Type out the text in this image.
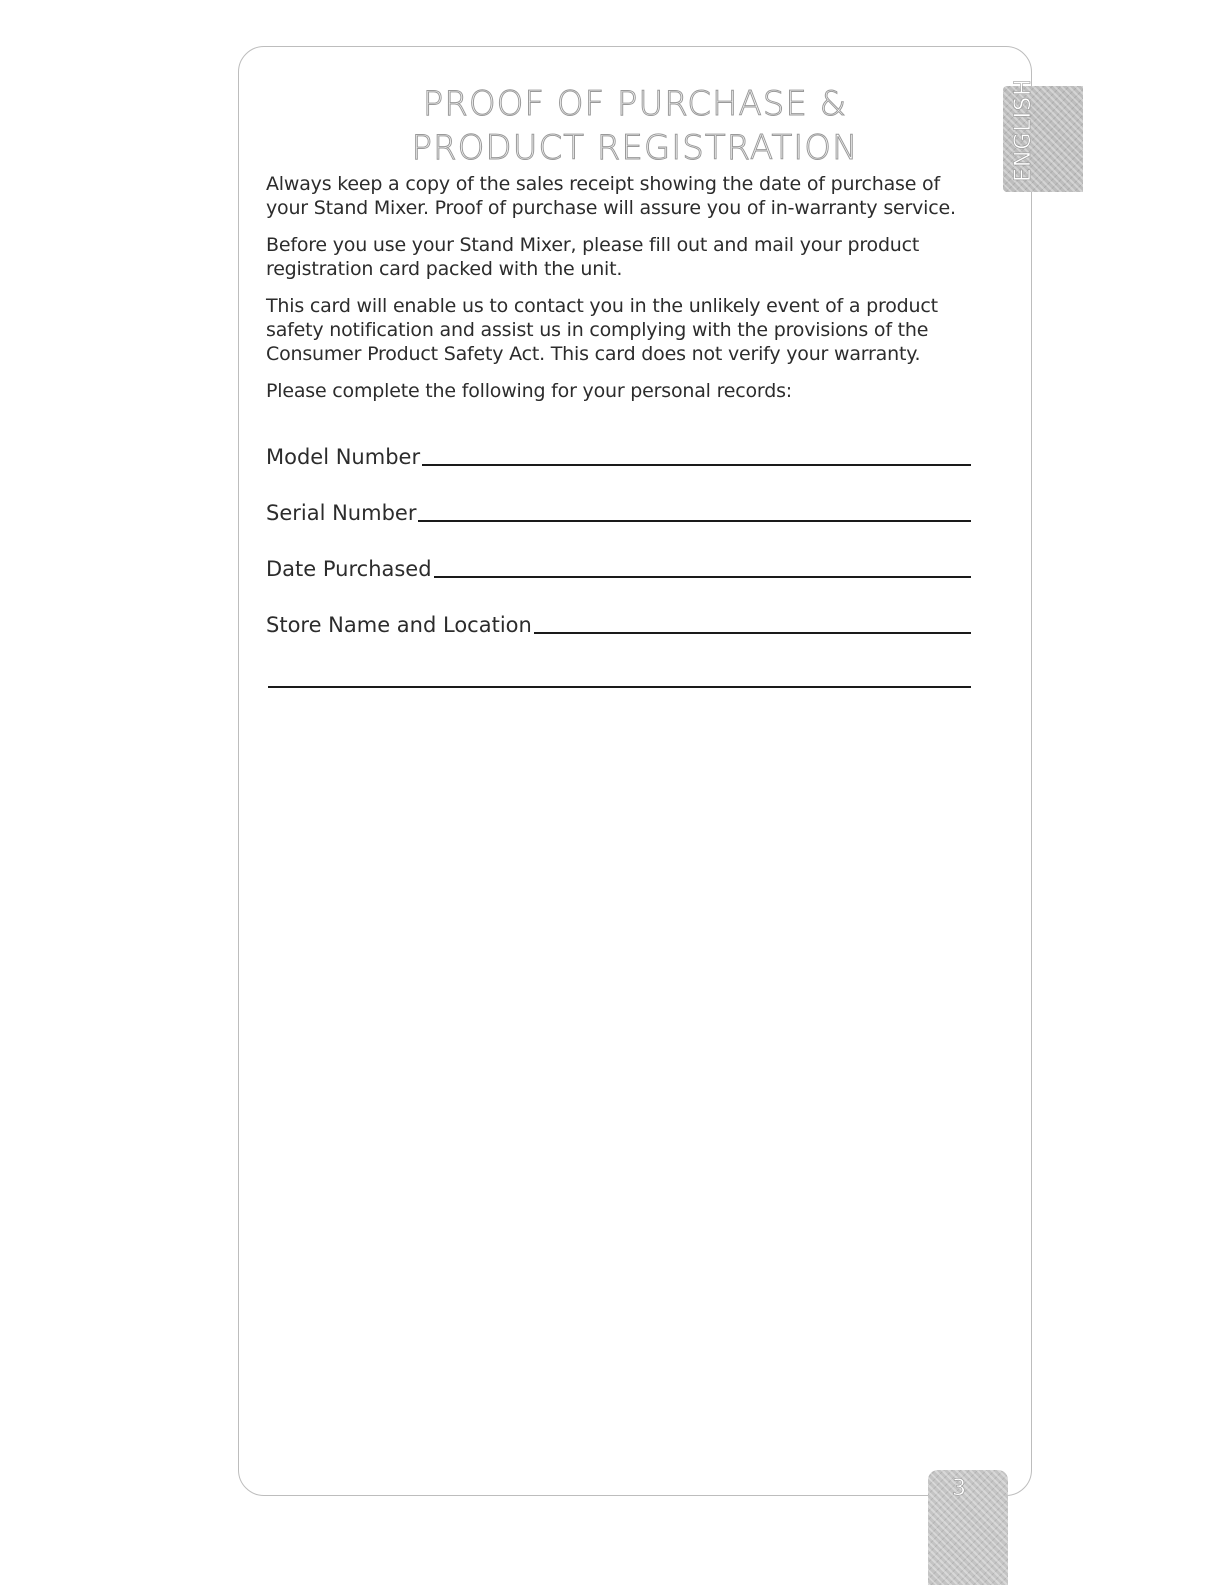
PROOF OF PURCHASE &
PRODUCT REGISTRATION	ENGLISH

Always keep a copy of the sales receipt showing the date of purchase of your Stand Mixer. Proof of purchase will assure you of in-warranty service.

Before you use your Stand Mixer, please fill out and mail your product registration card packed with the unit.

This card will enable us to contact you in the unlikely event of a product safety notification and assist us in complying with the provisions of the Consumer Product Safety Act. This card does not verify your warranty.

Please complete the following for your personal records:

Model Number
Serial Number
Date Purchased
Store Name and Location
3
